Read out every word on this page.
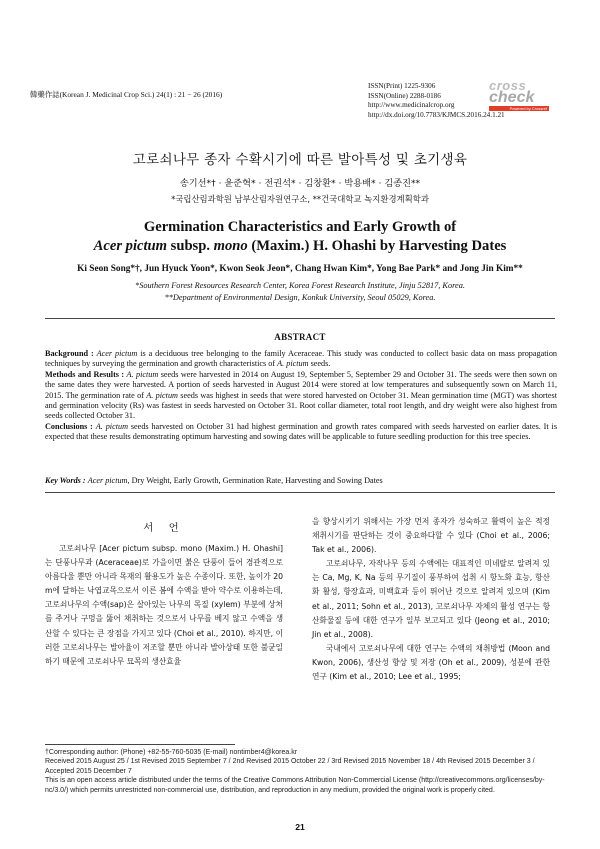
韓藥作誌(Korean J. Medicinal Crop Sci.) 24(1) : 21 − 26 (2016)
ISSN(Print) 1225-9306
ISSN(Online) 2288-0186
http://www.medicinalcrop.org
http://dx.doi.org/10.7783/KJMCS.2016.24.1.21
cross
check
Powered by Crossref
고로쇠나무 종자 수확시기에 따른 발아특성 및 초기생육
송기선*† · 윤준혁* · 전권석* · 김창환* · 박용배* · 김종진**
*국립산림과학원 남부산림자원연구소, **건국대학교 녹지환경계획학과
Germination Characteristics and Early Growth of
Acer pictum subsp. mono (Maxim.) H. Ohashi by Harvesting Dates
Ki Seon Song*†, Jun Hyuck Yoon*, Kwon Seok Jeon*, Chang Hwan Kim*, Yong Bae Park* and Jong Jin Kim**
*Southern Forest Resources Research Center, Korea Forest Research Institute, Jinju 52817, Korea.
**Department of Environmental Design, Konkuk University, Seoul 05029, Korea.
ABSTRACT

Background : Acer pictum is a deciduous tree belonging to the family Aceraceae. This study was conducted to collect basic data on mass propagation techniques by surveying the germination and growth characteristics of A. pictum seeds.

Methods and Results : A. pictum seeds were harvested in 2014 on August 19, September 5, September 29 and October 31. The seeds were then sown on the same dates they were harvested. A portion of seeds harvested in August 2014 were stored at low temperatures and subsequently sown on March 11, 2015. The germination rate of A. pictum seeds was highest in seeds that were stored harvested on October 31. Mean germination time (MGT) was shortest and germination velocity (Rs) was fastest in seeds harvested on October 31. Root collar diameter, total root length, and dry weight were also highest from seeds collected October 31.

Conclusions : A. pictum seeds harvested on October 31 had highest germination and growth rates compared with seeds harvested on earlier dates. It is expected that these results demonstrating optimum harvesting and sowing dates will be applicable to future seedling production for this tree species.

Key Words : Acer pictum, Dry Weight, Early Growth, Germination Rate, Harvesting and Sowing Dates
서 언

고로쇠나무 [Acer pictum subsp. mono (Maxim.) H. Ohashi]는 단풍나무과 (Aceraceae)로 가을이면 붉은 단풍이 들어 경관적으로 아름다울 뿐만 아니라 목재의 활용도가 높은 수종이다. 또한, 높이가 20 m에 달하는 낙엽교목으로서 이른 봄에 수액을 받아 약수로 이용하는데, 고로쇠나무의 수액(sap)은 살아있는 나무의 목질 (xylem) 부분에 상처를 주거나 구멍을 뚫어 채취하는 것으로서 나무를 베지 않고 수액을 생산할 수 있다는 큰 장점을 가지고 있다 (Choi et al., 2010). 하지만, 이러한 고로쇠나무는 발아율이 저조할 뿐만 아니라 발아상태 또한 불균일하기 때문에 고로쇠나무 묘목의 생산효율

을 향상시키기 위해서는 가장 먼저 종자가 성숙하고 활력이 높은 적정 채취시기를 판단하는 것이 중요하다할 수 있다 (Choi et al., 2006; Tak et al., 2006).

고로쇠나무, 자작나무 등의 수액에는 대표적인 미네랄로 알려져 있는 Ca, Mg, K, Na 등의 무기질이 풍부하여 섭취 시 항노화 효능, 항산화 활성, 항장효과, 미백효과 등이 뛰어난 것으로 알려져 있으며 (Kim et al., 2011; Sohn et al., 2013), 고로쇠나무 자체의 활성 연구는 항산화물질 등에 대한 연구가 일부 보고되고 있다 (Jeong et al., 2010; Jin et al., 2008).

국내에서 고로쇠나무에 대한 연구는 수액의 채취방법 (Moon and Kwon, 2006), 생산성 향상 및 저장 (Oh et al., 2009), 성분에 관한 연구 (Kim et al., 2010; Lee et al., 1995;

†Corresponding author: (Phone) +82-55-760-5035 (E-mail) nontimber4@korea.kr

Received 2015 August 25 / 1st Revised 2015 September 7 / 2nd Revised 2015 October 22 / 3rd Revised 2015 November 18 / 4th Revised 2015 December 3 / Accepted 2015 December 7

This is an open access article distributed under the terms of the Creative Commons Attribution Non-Commercial License (http://creativecommons.org/licenses/by-nc/3.0/) which permits unrestricted non-commercial use, distribution, and reproduction in any medium, provided the original work is properly cited.

21
